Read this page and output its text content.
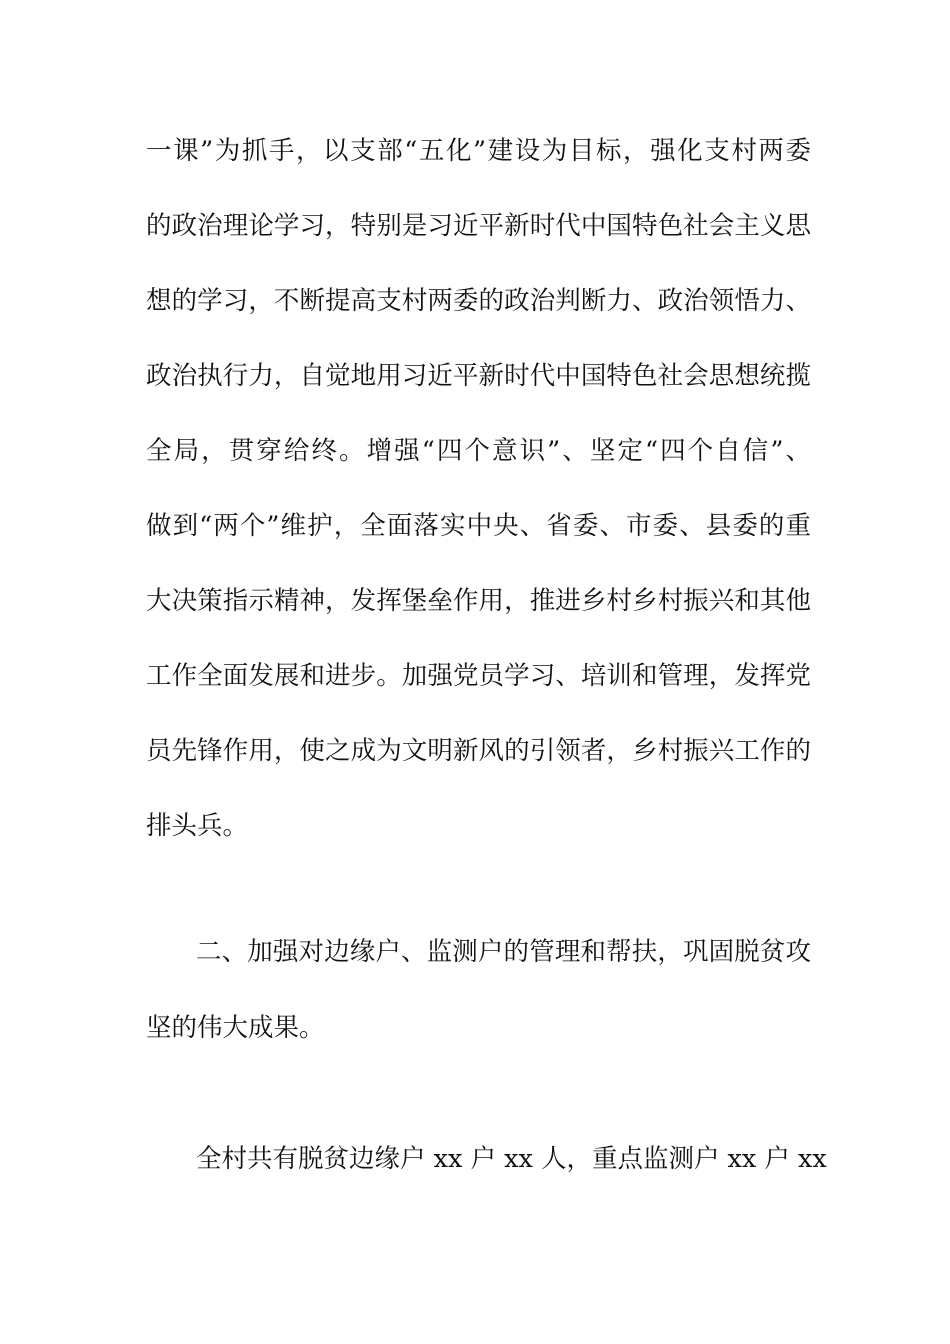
一课”为抓手，以支部“五化”建设为目标，强化支村两委
的政治理论学习，特别是习近平新时代中国特色社会主义思
想的学习，不断提高支村两委的政治判断力、政治领悟力、
政治执行力，自觉地用习近平新时代中国特色社会思想统揽
全局，贯穿给终。增强“四个意识”、坚定“四个自信”、
做到“两个”维护，全面落实中央、省委、市委、县委的重
大决策指示精神，发挥堡垒作用，推进乡村乡村振兴和其他
工作全面发展和进步。加强党员学习、培训和管理，发挥党
员先锋作用，使之成为文明新风的引领者，乡村振兴工作的
排头兵。
二、加强对边缘户、监测户的管理和帮扶，巩固脱贫攻
坚的伟大成果。
全村共有脱贫边缘户 xx 户 xx 人，重点监测户 xx 户 xx
